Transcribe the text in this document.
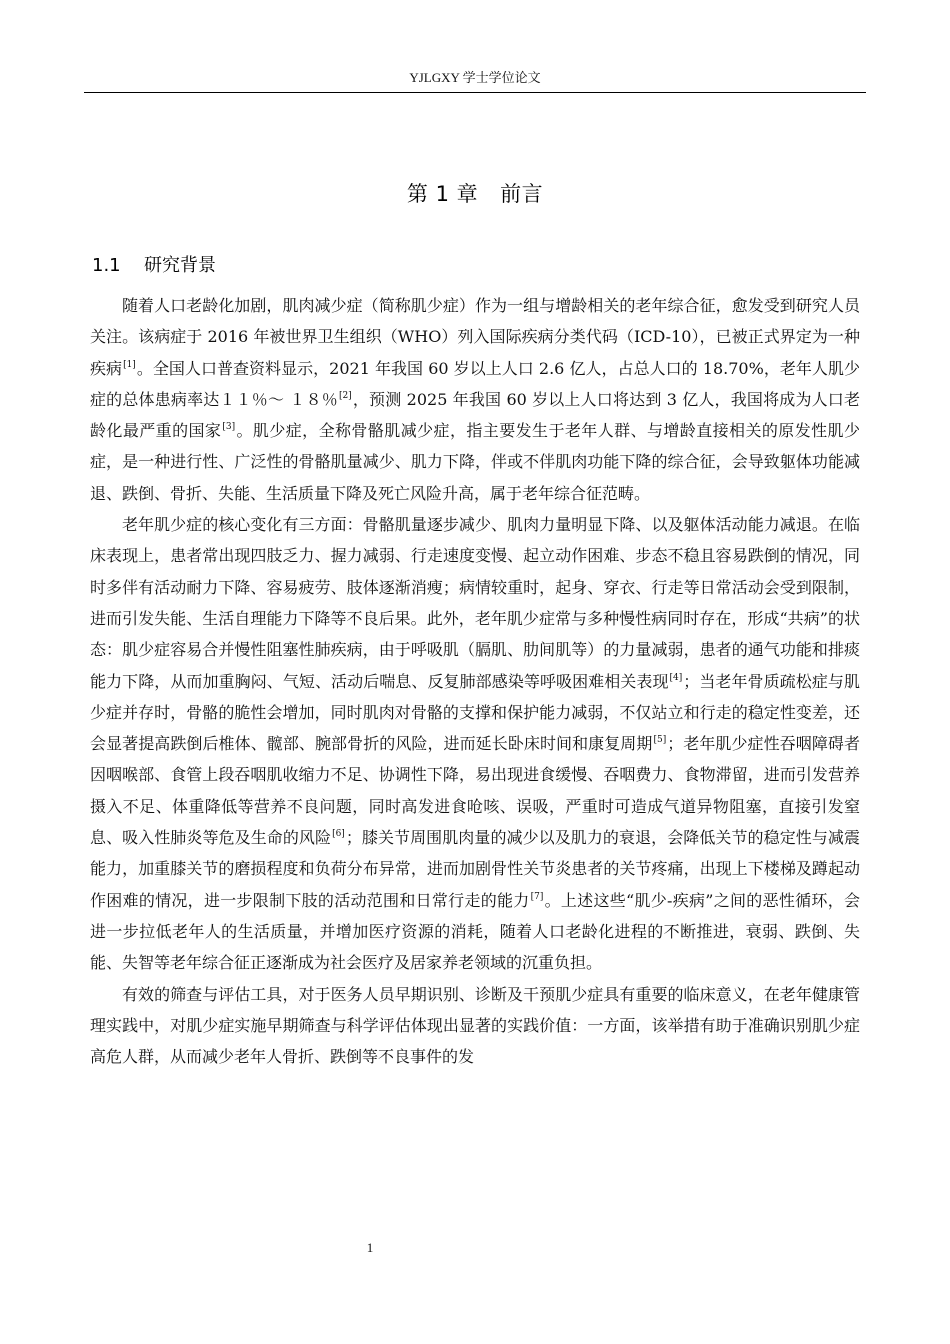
YJLGXY 学士学位论文
第 1 章 前言
1.1 研究背景

随着人口老龄化加剧，肌肉减少症（简称肌少症）作为一组与增龄相关的老年综合征，愈发受到研究人员关注。该病症于 2016 年被世界卫生组织（WHO）列入国际疾病分类代码（ICD-10），已被正式界定为一种疾病[1]。全国人口普查资料显示，2021 年我国 60 岁以上人口 2.6 亿人，占总人口的 18.70%，老年人肌少症的总体患病率达１１％～ １８％[2]，预测 2025 年我国 60 岁以上人口将达到 3 亿人，我国将成为人口老龄化最严重的国家[3]。肌少症，全称骨骼肌减少症，指主要发生于老年人群、与增龄直接相关的原发性肌少症，是一种进行性、广泛性的骨骼肌量减少、肌力下降，伴或不伴肌肉功能下降的综合征，会导致躯体功能减退、跌倒、骨折、失能、生活质量下降及死亡风险升高，属于老年综合征范畴。

老年肌少症的核心变化有三方面：骨骼肌量逐步减少、肌肉力量明显下降、以及躯体活动能力减退。在临床表现上，患者常出现四肢乏力、握力减弱、行走速度变慢、起立动作困难、步态不稳且容易跌倒的情况，同时多伴有活动耐力下降、容易疲劳、肢体逐渐消瘦；病情较重时，起身、穿衣、行走等日常活动会受到限制，进而引发失能、生活自理能力下降等不良后果。此外，老年肌少症常与多种慢性病同时存在，形成“共病”的状态：肌少症容易合并慢性阻塞性肺疾病，由于呼吸肌（膈肌、肋间肌等）的力量减弱，患者的通气功能和排痰能力下降，从而加重胸闷、气短、活动后喘息、反复肺部感染等呼吸困难相关表现[4]；当老年骨质疏松症与肌少症并存时，骨骼的脆性会增加，同时肌肉对骨骼的支撑和保护能力减弱，不仅站立和行走的稳定性变差，还会显著提高跌倒后椎体、髋部、腕部骨折的风险，进而延长卧床时间和康复周期[5]；老年肌少症性吞咽障碍者因咽喉部、食管上段吞咽肌收缩力不足、协调性下降，易出现进食缓慢、吞咽费力、食物滞留，进而引发营养摄入不足、体重降低等营养不良问题，同时高发进食呛咳、误吸，严重时可造成气道异物阻塞，直接引发窒息、吸入性肺炎等危及生命的风险[6]；膝关节周围肌肉量的减少以及肌力的衰退，会降低关节的稳定性与减震能力，加重膝关节的磨损程度和负荷分布异常，进而加剧骨性关节炎患者的关节疼痛，出现上下楼梯及蹲起动作困难的情况，进一步限制下肢的活动范围和日常行走的能力[7]。上述这些“肌少-疾病”之间的恶性循环，会进一步拉低老年人的生活质量，并增加医疗资源的消耗，随着人口老龄化进程的不断推进，衰弱、跌倒、失能、失智等老年综合征正逐渐成为社会医疗及居家养老领域的沉重负担。

有效的筛查与评估工具，对于医务人员早期识别、诊断及干预肌少症具有重要的临床意义，在老年健康管理实践中，对肌少症实施早期筛查与科学评估体现出显著的实践价值：一方面，该举措有助于准确识别肌少症高危人群，从而减少老年人骨折、跌倒等不良事件的发

1
